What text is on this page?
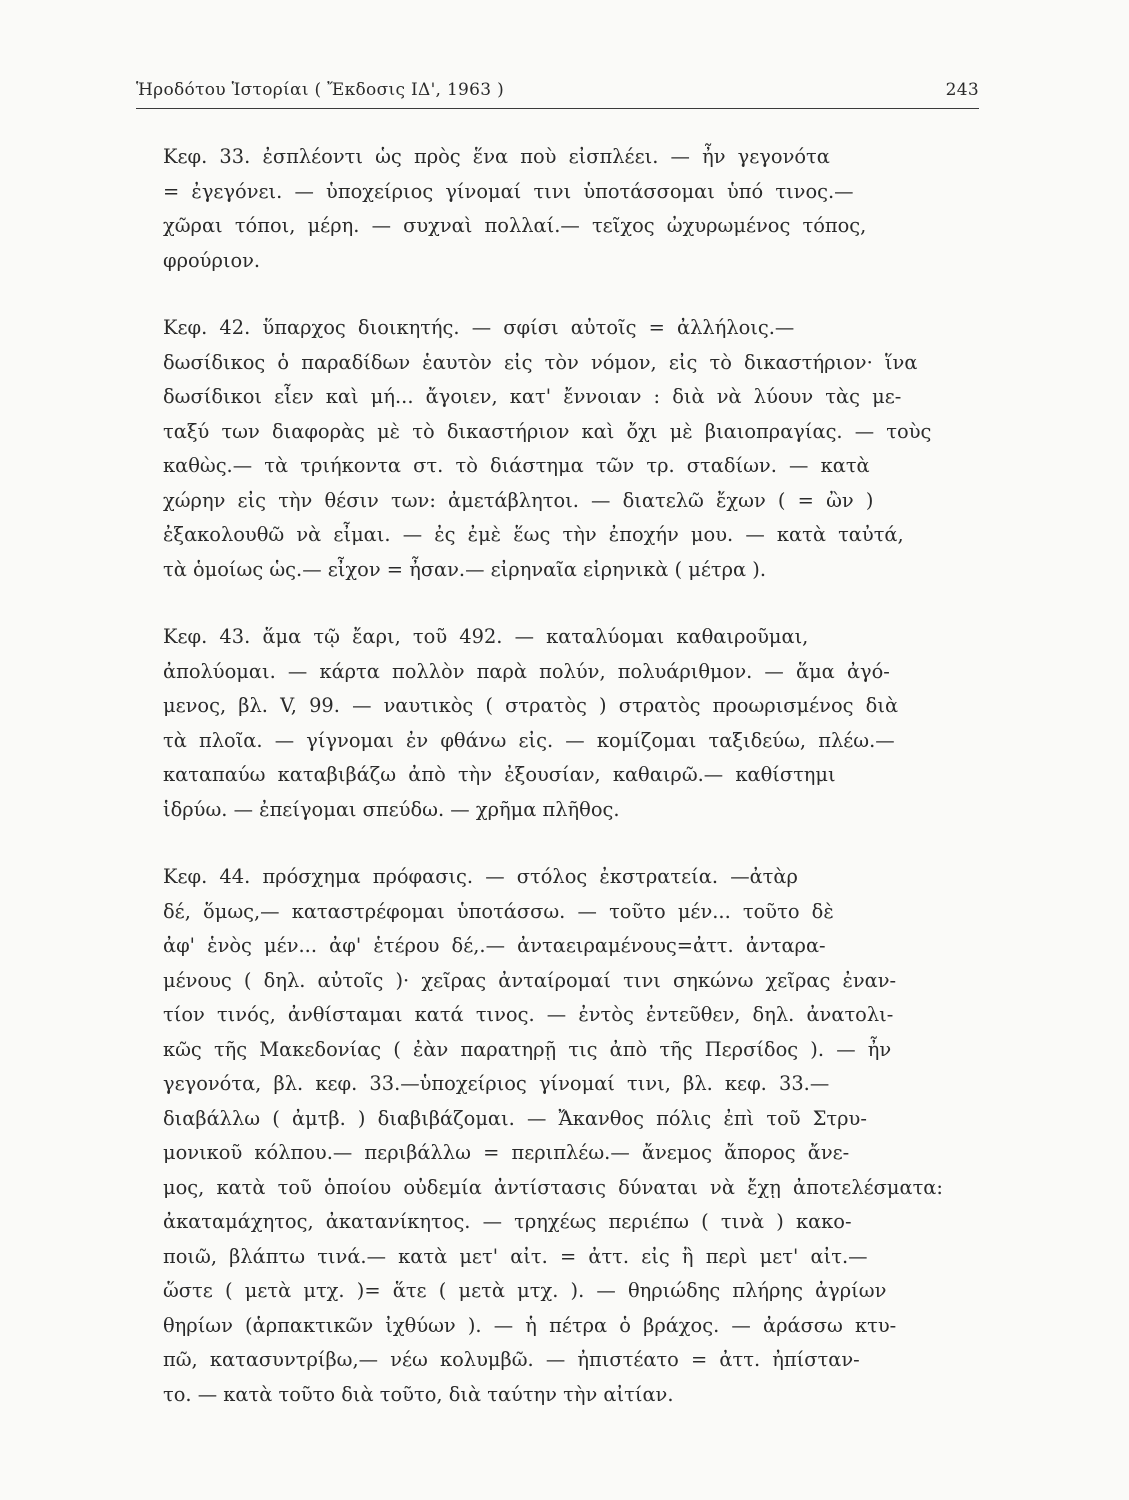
Ἡροδότου Ἱστορίαι ( Ἔκδοσις ΙΔ', 1963 )	243
Κεφ. 33. ἐσπλέοντι ὡς πρὸς ἕνα ποὺ εἰσπλέει. — ἦν γεγονότα
= ἐγεγόνει. — ὑποχείριος γίνομαί τινι ὑποτάσσομαι ὑπό τινος.—
χῶραι τόποι, μέρη. — συχναὶ πολλαί.— τεῖχος ὠχυρωμένος τόπος,
φρούριον.
Κεφ. 42. ὕπαρχος διοικητής. — σφίσι αὐτοῖς = ἀλλήλοις.—
δωσίδικος ὁ παραδίδων ἑαυτὸν εἰς τὸν νόμον, εἰς τὸ δικαστήριον· ἵνα
δωσίδικοι εἶεν καὶ μή... ἄγοιεν, κατ' ἔννοιαν : διὰ νὰ λύουν τὰς με-
ταξύ των διαφορὰς μὲ τὸ δικαστήριον καὶ ὄχι μὲ βιαιοπραγίας. — τοὺς
καθὼς.— τὰ τριήκοντα στ. τὸ διάστημα τῶν τρ. σταδίων. — κατὰ
χώρην εἰς τὴν θέσιν των: ἀμετάβλητοι. — διατελῶ ἔχων ( = ὢν )
ἐξακολουθῶ νὰ εἶμαι. — ἐς ἐμὲ ἕως τὴν ἐποχήν μου. — κατὰ ταὐτά,
τὰ ὁμοίως ὡς.— εἶχον = ἦσαν.— εἰρηναῖα εἰρηνικὰ ( μέτρα ).
Κεφ. 43. ἅμα τῷ ἔαρι, τοῦ 492. — καταλύομαι καθαιροῦμαι,
ἀπολύομαι. — κάρτα πολλὸν παρὰ πολύν, πολυάριθμον. — ἅμα ἀγό-
μενος, βλ. V, 99. — ναυτικὸς ( στρατὸς ) στρατὸς προωρισμένος διὰ
τὰ πλοῖα. — γίγνομαι ἐν φθάνω εἰς. — κομίζομαι ταξιδεύω, πλέω.—
καταπαύω καταβιβάζω ἀπὸ τὴν ἐξουσίαν, καθαιρῶ.— καθίστημι
ἱδρύω. — ἐπείγομαι σπεύδω. — χρῆμα πλῆθος.
Κεφ. 44. πρόσχημα πρόφασις. — στόλος ἐκστρατεία. —ἀτὰρ
δέ, ὅμως,— καταστρέφομαι ὑποτάσσω. — τοῦτο μέν... τοῦτο δὲ
ἀφ' ἑνὸς μέν... ἀφ' ἑτέρου δέ,.— ἀνταειραμένους=ἀττ. ἀνταρα-
μένους ( δηλ. αὐτοῖς )· χεῖρας ἀνταίρομαί τινι σηκώνω χεῖρας ἐναν-
τίον τινός, ἀνθίσταμαι κατά τινος. — ἐντὸς ἐντεῦθεν, δηλ. ἀνατολι-
κῶς τῆς Μακεδονίας ( ἐὰν παρατηρῇ τις ἀπὸ τῆς Περσίδος ). — ἦν
γεγονότα, βλ. κεφ. 33.—ὑποχείριος γίνομαί τινι, βλ. κεφ. 33.—
διαβάλλω ( ἀμτβ. ) διαβιβάζομαι. — Ἄκανθος πόλις ἐπὶ τοῦ Στρυ-
μονικοῦ κόλπου.— περιβάλλω = περιπλέω.— ἄνεμος ἄπορος ἄνε-
μος, κατὰ τοῦ ὁποίου οὐδεμία ἀντίστασις δύναται νὰ ἔχῃ ἀποτελέσματα:
ἀκαταμάχητος, ἀκατανίκητος. — τρηχέως περιέπω ( τινὰ ) κακο-
ποιῶ, βλάπτω τινά.— κατὰ μετ' αἰτ. = ἀττ. εἰς ἢ περὶ μετ' αἰτ.—
ὥστε ( μετὰ μτχ. )= ἅτε ( μετὰ μτχ. ). — θηριώδης πλήρης ἀγρίων
θηρίων (ἁρπακτικῶν ἰχθύων ). — ἡ πέτρα ὁ βράχος. — ἀράσσω κτυ-
πῶ, κατασυντρίβω,— νέω κολυμβῶ. — ἠπιστέατο = ἀττ. ἠπίσταν-
το. — κατὰ τοῦτο διὰ τοῦτο, διὰ ταύτην τὴν αἰτίαν.
